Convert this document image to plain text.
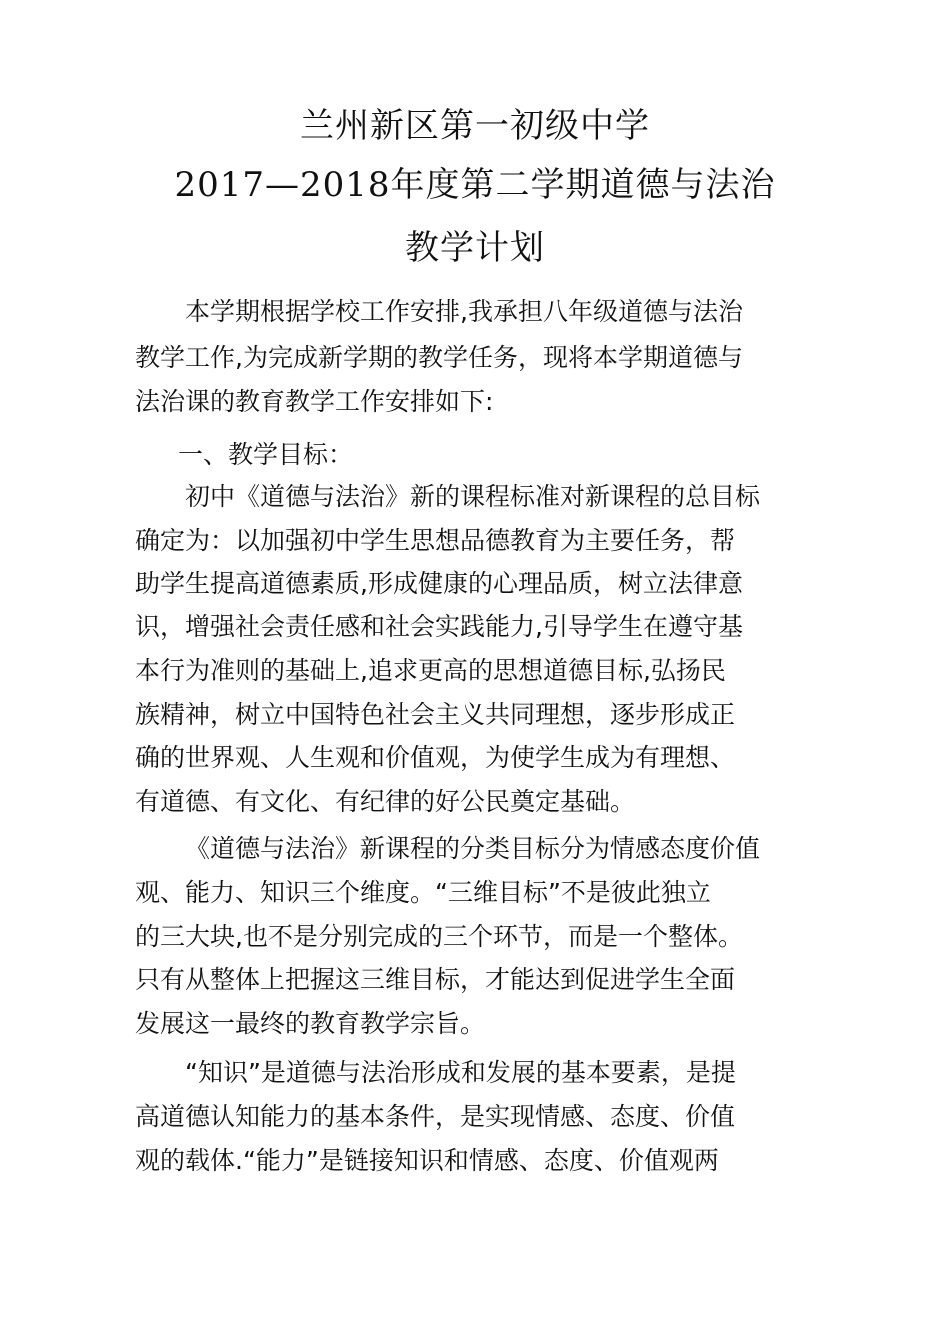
兰州新区第一初级中学
2017—2018年度第二学期道德与法治
教学计划
本学期根据学校工作安排,我承担八年级道德与法治
教学工作,为完成新学期的教学任务，现将本学期道德与
法治课的教育教学工作安排如下:
一、教学目标：
初中《道德与法治》新的课程标准对新课程的总目标
确定为：以加强初中学生思想品德教育为主要任务，帮
助学生提高道德素质,形成健康的心理品质，树立法律意
识，增强社会责任感和社会实践能力,引导学生在遵守基
本行为准则的基础上,追求更高的思想道德目标,弘扬民
族精神，树立中国特色社会主义共同理想，逐步形成正
确的世界观、人生观和价值观，为使学生成为有理想、
有道德、有文化、有纪律的好公民奠定基础。
《道德与法治》新课程的分类目标分为情感态度价值
观、能力、知识三个维度。“三维目标”不是彼此独立
的三大块,也不是分别完成的三个环节，而是一个整体。
只有从整体上把握这三维目标，才能达到促进学生全面
发展这一最终的教育教学宗旨。
“知识”是道德与法治形成和发展的基本要素，是提
高道德认知能力的基本条件，是实现情感、态度、价值
观的载体.“能力”是链接知识和情感、态度、价值观两
